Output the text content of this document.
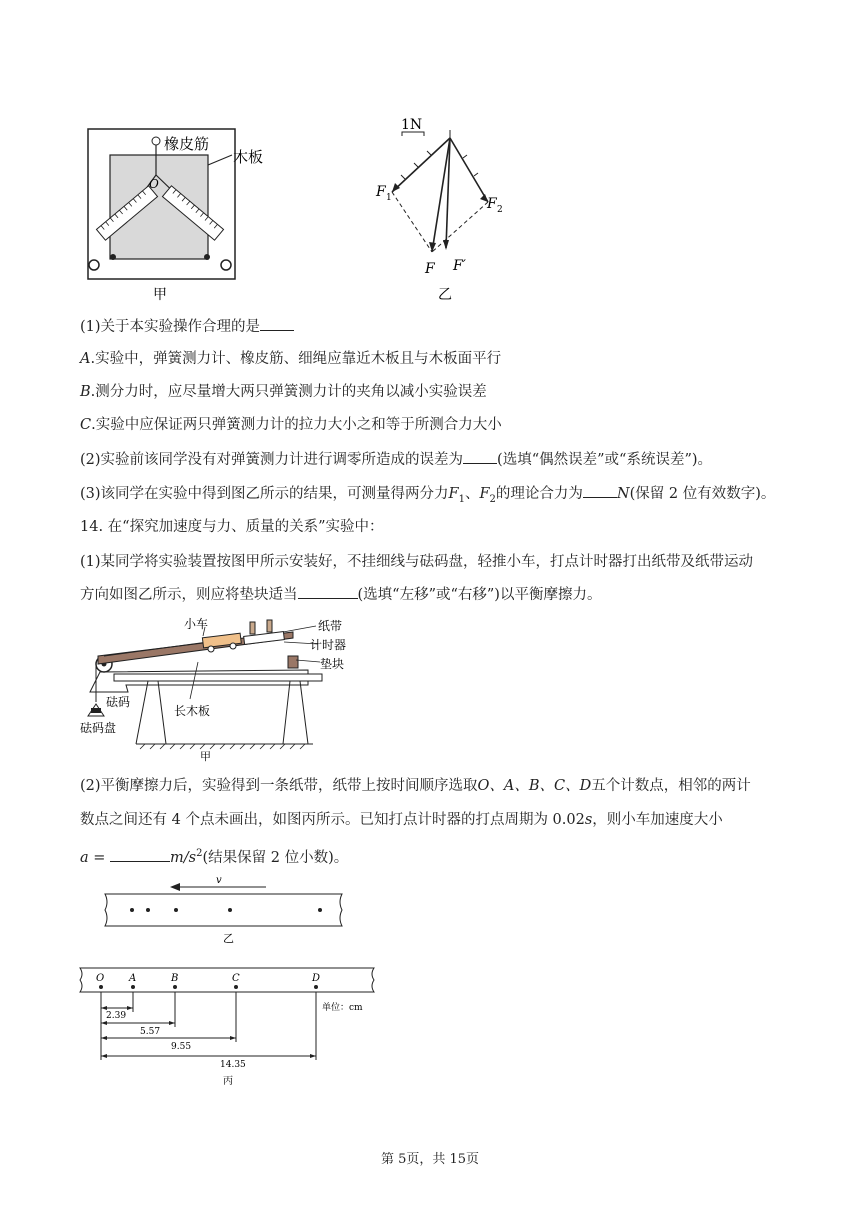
橡皮筋
木板
O
甲
1N
F 1	F 2
F F′
乙
(1)关于本实验操作合理的是
A.实验中，弹簧测力计、橡皮筋、细绳应靠近木板且与木板面平行
B.测分力时，应尽量增大两只弹簧测力计的夹角以减小实验误差
C.实验中应保证两只弹簧测力计的拉力大小之和等于所测合力大小
(2)实验前该同学没有对弹簧测力计进行调零所造成的误差为 (选填“偶然误差”或“系统误差”)。
(3)该同学在实验中得到图乙所示的结果，可测量得两分力$F_1$、$F_2$的理论合力为 N(保留 2 位有效数字)。
14. 在“探究加速度与力、质量的关系”实验中：
(1)某同学将实验装置按图甲所示安装好，不挂细线与砝码盘，轻推小车，打点计时器打出纸带及纸带运动
方向如图乙所示，则应将垫块适当	(选填“左移”或“右移”)以平衡摩擦力。
小车	纸带
计时器
垫块
砝码
砝码盘
长木板
甲
(2)平衡摩擦力后，实验得到一条纸带，纸带上按时间顺序选取O、A、B、C、D五个计数点，相邻的两计
数点之间还有 4 个点未画出，如图丙所示。已知打点计时器的打点周期为 0.02s，则小车加速度大小
a =	$m/s^2$(结果保留 2 位小数)。
v
乙
O A	B	C	D
2.39
5.57
9.55
14.35
单位：cm
丙
第 5页，共 15页
